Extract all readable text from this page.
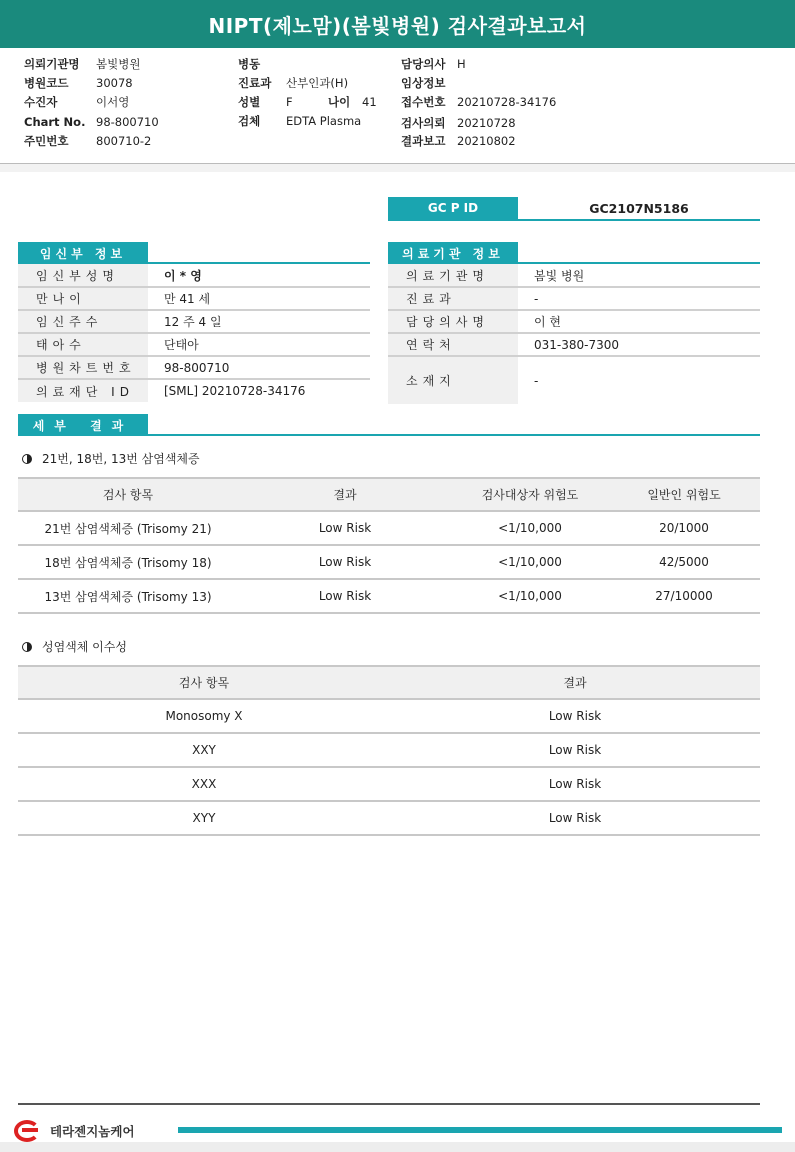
NIPT(제노맘)(봄빛병원) 검사결과보고서
의뢰기관명 봄빛병원
병원코드 30078
수진자	이서영
Chart No. 98-800710
주민번호 800710-2
병동
진료과 산부인과(H)
성별 F	나이 41
검체 EDTA Plasma
담당의사 H
임상정보
접수번호 20210728-34176
검사의뢰 20210728
결과보고 20210802
GC P ID	GC2107N5186
임신부 정보	의료기관 정보
임신부성명	이 * 영
만나이	만 41 세
임신주수	12 주 4 일
태아수	단태아
병원차트번호	98-800710
의료재단 ID	[SML] 20210728-34176
의료기관명	봄빛 병원
진료과	-
담당의사명	이 현
연락처	031-380-7300
소재지	-
세부 결과
21번, 18번, 13번 삼염색체증
검사 항목	결과	검사대상자 위험도	일반인 위험도
21번 삼염색체증 (Trisomy 21)	Low Risk	<1/10,000	20/1000
18번 삼염색체증 (Trisomy 18)	Low Risk	<1/10,000	42/5000
13번 삼염색체증 (Trisomy 13)	Low Risk	<1/10,000	27/10000
성염색체 이수성
검사 항목	결과
Monosomy X	Low Risk
XXY	Low Risk
XXX	Low Risk
XYY	Low Risk
테라젠지놈케어
